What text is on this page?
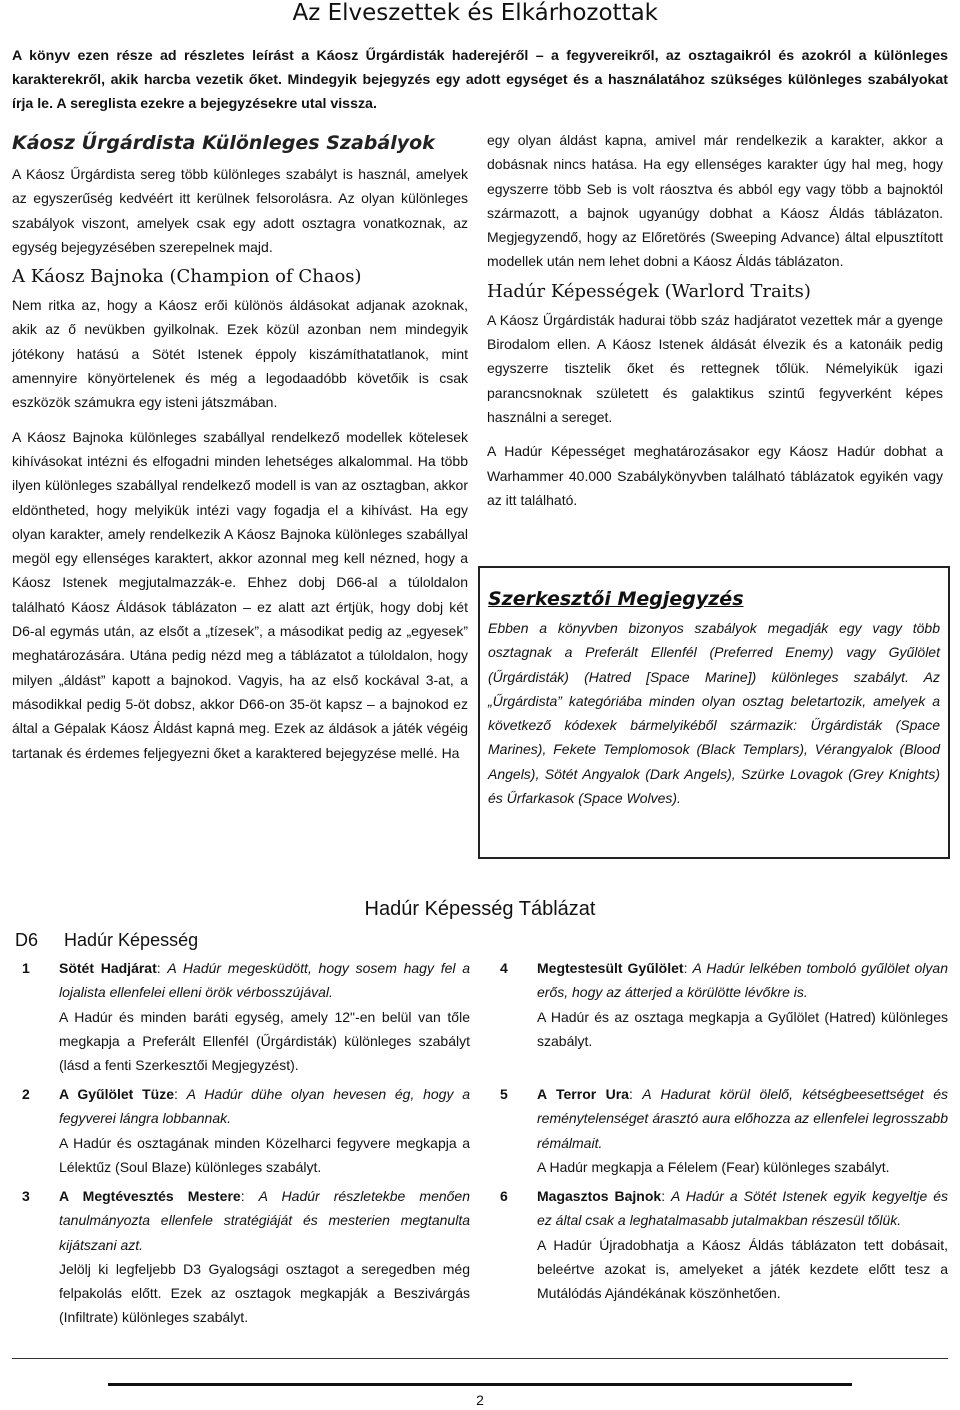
Az Elveszettek és Elkárhozottak

A könyv ezen része ad részletes leírást a Káosz Űrgárdisták haderejéről – a fegyvereikről, az osztagaikról és azokról a különleges karakterekről, akik harcba vezetik őket. Mindegyik bejegyzés egy adott egységet és a használatához szükséges különleges szabályokat írja le. A sereglista ezekre a bejegyzésekre utal vissza.

Káosz Űrgárdista Különleges Szabályok

A Káosz Űrgárdista sereg több különleges szabályt is használ, amelyek az egyszerűség kedvéért itt kerülnek felsorolásra. Az olyan különleges szabályok viszont, amelyek csak egy adott osztagra vonatkoznak, az egység bejegyzésében szerepelnek majd.

A Káosz Bajnoka (Champion of Chaos)

Nem ritka az, hogy a Káosz erői különös áldásokat adjanak azoknak, akik az ő nevükben gyilkolnak. Ezek közül azonban nem mindegyik jótékony hatású a Sötét Istenek éppoly kiszámíthatatlanok, mint amennyire könyörtelenek és még a legodaadóbb követőik is csak eszközök számukra egy isteni játszmában.

A Káosz Bajnoka különleges szabállyal rendelkező modellek kötelesek kihívásokat intézni és elfogadni minden lehetséges alkalommal. Ha több ilyen különleges szabállyal rendelkező modell is van az osztagban, akkor eldöntheted, hogy melyikük intézi vagy fogadja el a kihívást. Ha egy olyan karakter, amely rendelkezik A Káosz Bajnoka különleges szabállyal megöl egy ellenséges karaktert, akkor azonnal meg kell nézned, hogy a Káosz Istenek megjutalmazzák-e. Ehhez dobj D66-al a túloldalon található Káosz Áldások táblázaton – ez alatt azt értjük, hogy dobj két D6-al egymás után, az elsőt a „tízesek”, a másodikat pedig az „egyesek” meghatározására. Utána pedig nézd meg a táblázatot a túloldalon, hogy milyen „áldást” kapott a bajnokod. Vagyis, ha az első kockával 3-at, a másodikkal pedig 5-öt dobsz, akkor D66-on 35-öt kapsz – a bajnokod ez által a Gépalak Káosz Áldást kapná meg. Ezek az áldások a játék végéig tartanak és érdemes feljegyezni őket a karaktered bejegyzése mellé. Ha

egy olyan áldást kapna, amivel már rendelkezik a karakter, akkor a dobásnak nincs hatása. Ha egy ellenséges karakter úgy hal meg, hogy egyszerre több Seb is volt ráosztva és abból egy vagy több a bajnoktól származott, a bajnok ugyanúgy dobhat a Káosz Áldás táblázaton. Megjegyzendő, hogy az Előretörés (Sweeping Advance) által elpusztított modellek után nem lehet dobni a Káosz Áldás táblázaton.

Hadúr Képességek (Warlord Traits)

A Káosz Űrgárdisták hadurai több száz hadjáratot vezettek már a gyenge Birodalom ellen. A Káosz Istenek áldását élvezik és a katonáik pedig egyszerre tisztelik őket és rettegnek tőlük. Némelyikük igazi parancsnoknak született és galaktikus szintű fegyverként képes használni a sereget.

A Hadúr Képességet meghatározásakor egy Káosz Hadúr dobhat a Warhammer 40.000 Szabálykönyvben található táblázatok egyikén vagy az itt található.

Szerkesztői Megjegyzés

Ebben a könyvben bizonyos szabályok megadják egy vagy több osztagnak a Preferált Ellenfél (Preferred Enemy) vagy Gyűlölet (Űrgárdisták) (Hatred [Space Marine]) különleges szabályt. Az „Űrgárdista” kategóriába minden olyan osztag beletartozik, amelyek a következő kódexek bármelyikéből származik: Űrgárdisták (Space Marines), Fekete Templomosok (Black Templars), Vérangyalok (Blood Angels), Sötét Angyalok (Dark Angels), Szürke Lovagok (Grey Knights) és Űrfarkasok (Space Wolves).

Hadúr Képesség Táblázat
D6 Hadúr Képesség
1 Sötét Hadjárat: A Hadúr megesküdött, hogy sosem hagy fel a lojalista ellenfelei elleni örök vérbosszújával.

A Hadúr és minden baráti egység, amely 12"-en belül van tőle megkapja a Preferált Ellenfél (Űrgárdisták) különleges szabályt (lásd a fenti Szerkesztői Megjegyzést).

2 A Gyűlölet Tüze: A Hadúr dühe olyan hevesen ég, hogy a fegyverei lángra lobbannak.

A Hadúr és osztagának minden Közelharci fegyvere megkapja a Lélektűz (Soul Blaze) különleges szabályt.

3 A Megtévesztés Mestere: A Hadúr részletekbe menően tanulmányozta ellenfele stratégiáját és mesterien megtanulta kijátszani azt.

Jelölj ki legfeljebb D3 Gyalogsági osztagot a seregedben még felpakolás előtt. Ezek az osztagok megkapják a Beszivárgás (Infiltrate) különleges szabályt.

4 Megtestesült Gyűlölet: A Hadúr lelkében tomboló gyűlölet olyan erős, hogy az átterjed a körülötte lévőkre is.

A Hadúr és az osztaga megkapja a Gyűlölet (Hatred) különleges szabályt.

5 A Terror Ura: A Hadurat körül ölelő, kétségbeesettséget és reménytelenséget árasztó aura előhozza az ellenfelei legrosszabb rémálmait.

A Hadúr megkapja a Félelem (Fear) különleges szabályt.

6 Magasztos Bajnok: A Hadúr a Sötét Istenek egyik kegyeltje és ez által csak a leghatalmasabb jutalmakban részesül tőlük.

A Hadúr Újradobhatja a Káosz Áldás táblázaton tett dobásait, beleértve azokat is, amelyeket a játék kezdete előtt tesz a Mutálódás Ajándékának köszönhetően.

2
